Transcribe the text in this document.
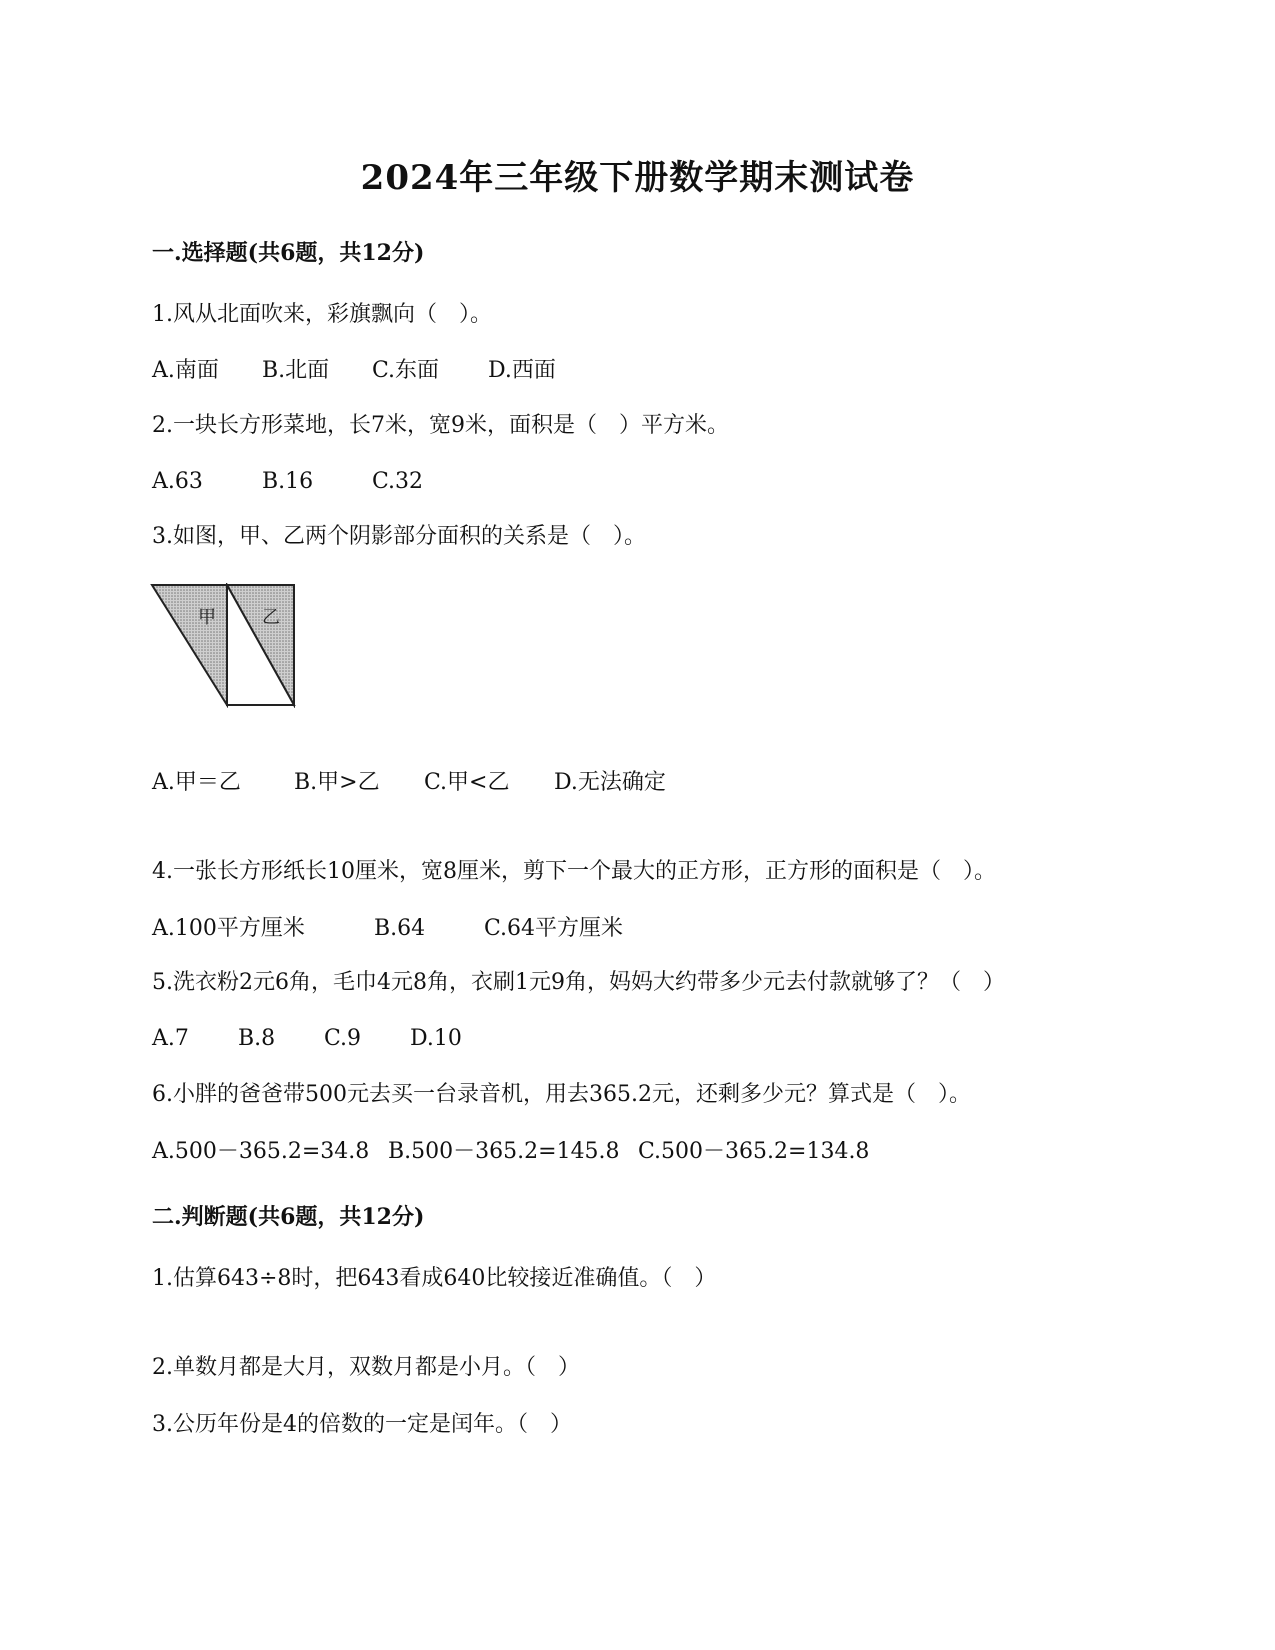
2024年三年级下册数学期末测试卷
一.选择题(共6题，共12分)
1.风从北面吹来，彩旗飘向（　）。
A.南面 B.北面 C.东面 D.西面
2.一块长方形菜地，长7米，宽9米，面积是（　）平方米。
A.63	B.16	C.32
3.如图，甲、乙两个阴影部分面积的关系是（　）。
甲	乙
A.甲＝乙 B.甲>乙 C.甲<乙 D.无法确定
4.一张长方形纸长10厘米，宽8厘米，剪下一个最大的正方形，正方形的面积是（　）。
A.100平方厘米	B.64	C.64平方厘米
5.洗衣粉2元6角，毛巾4元8角，衣刷1元9角，妈妈大约带多少元去付款就够了？（　）
A.7 B.8 C.9 D.10
6.小胖的爸爸带500元去买一台录音机，用去365.2元，还剩多少元？算式是（　）。
A.500－365.2=34.8 B.500－365.2=145.8 C.500－365.2=134.8
二.判断题(共6题，共12分)
1.估算643÷8时，把643看成640比较接近准确值。（　）
2.单数月都是大月，双数月都是小月。（　）
3.公历年份是4的倍数的一定是闰年。（　）
